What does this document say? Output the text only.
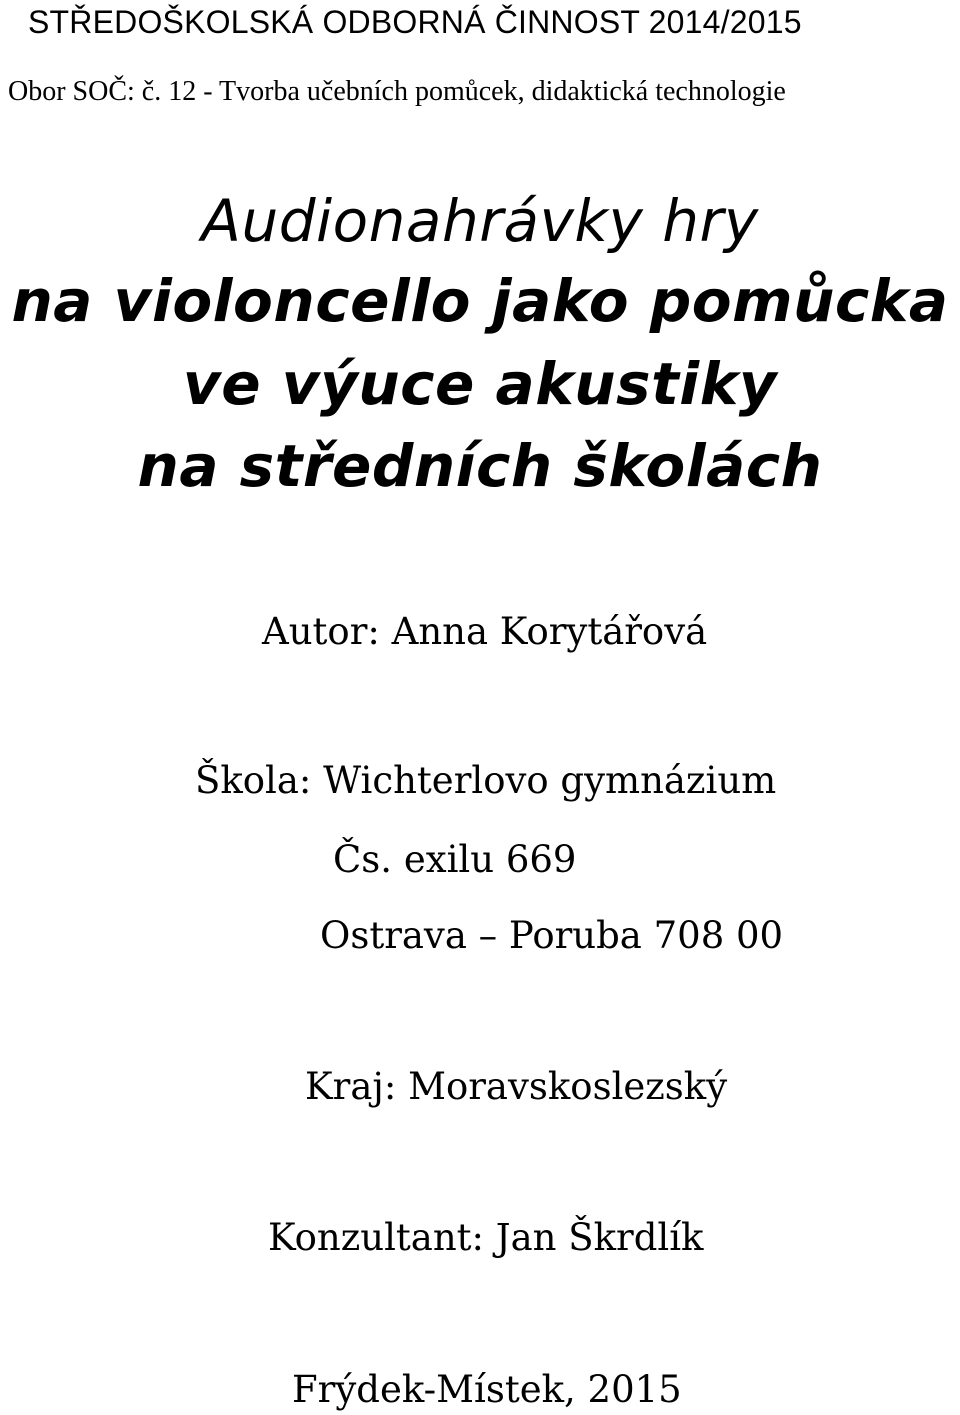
STŘEDOŠKOLSKÁ ODBORNÁ ČINNOST 2014/2015
Obor SOČ: č. 12 - Tvorba učebních pomůcek, didaktická technologie
Audionahrávky hry
na violoncello jako pomůcka
ve výuce akustiky
na středních školách
Autor: Anna Korytářová
Škola: Wichterlovo gymnázium
Čs. exilu 669
Ostrava – Poruba 708 00
Kraj: Moravskoslezský
Konzultant: Jan Škrdlík
Frýdek-Místek, 2015
